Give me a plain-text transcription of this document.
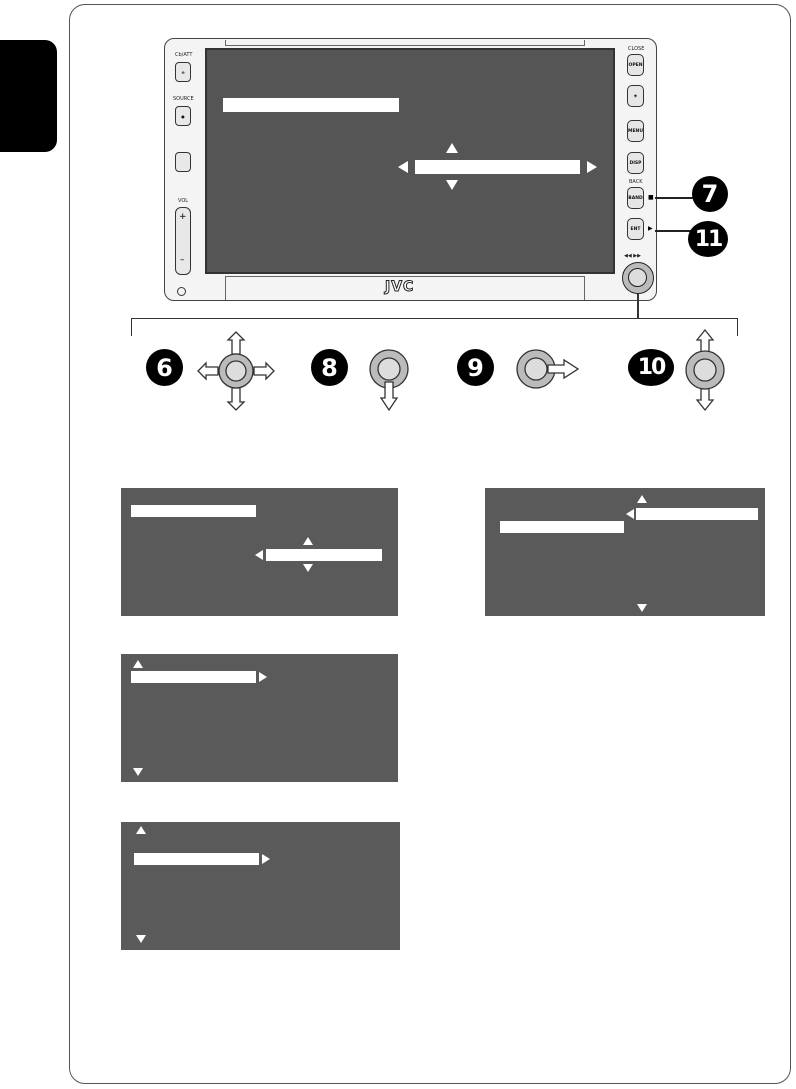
Cb/ATT
⊖
SOURCE
●
VOL
+
–
JVC
CLOSE
OPEN
◈
MENU
DISP
BACK
BAND ■
ENT ▶
◀◀ ▶▶
7
11
6	8	9	10
